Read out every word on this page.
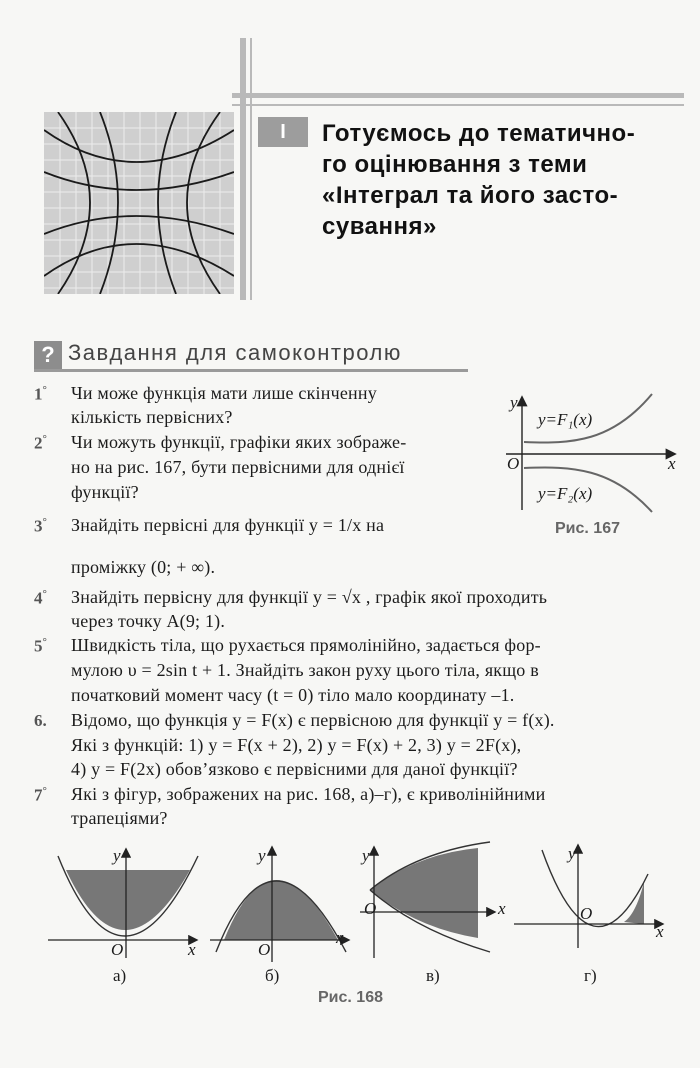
I	Готуємось до тематично-
го оцінювання з теми
«Інтеграл та його засто-
сування»
? Завдання для самоконтролю
1°
2°
3°
4°
5°
6.
7°
Чи може функція мати лише скінченну
кількість первісних?
Чи можуть функції, графіки яких зображе-
но на рис. 167, бути первісними для однієї
функції?
Знайдіть первісні для функції y = 1/x на
проміжку (0; + ∞).
Знайдіть первісну для функції y = √x , графік якої проходить
через точку A(9; 1).
Швидкість тіла, що рухається прямолінійно, задається фор-
мулою υ = 2sin t + 1. Знайдіть закон руху цього тіла, якщо в
початковий момент часу (t = 0) тіло мало координату –1.
Відомо, що функція y = F(x) є первісною для функції y = f(x).
Які з функцій: 1) y = F(x + 2), 2) y = F(x) + 2, 3) y = 2F(x),
4) y = F(2x) обов’язково є первісними для даної функції?
Які з фігур, зображених на рис. 168, а)–г), є криволінійними
трапеціями?
y
y=F₁(x)
O	x
y=F₂(x)
Рис. 167
y
O	x
y
O
x
y
O	x
y
O
x
а)	б)	в)	г)
Рис. 168
